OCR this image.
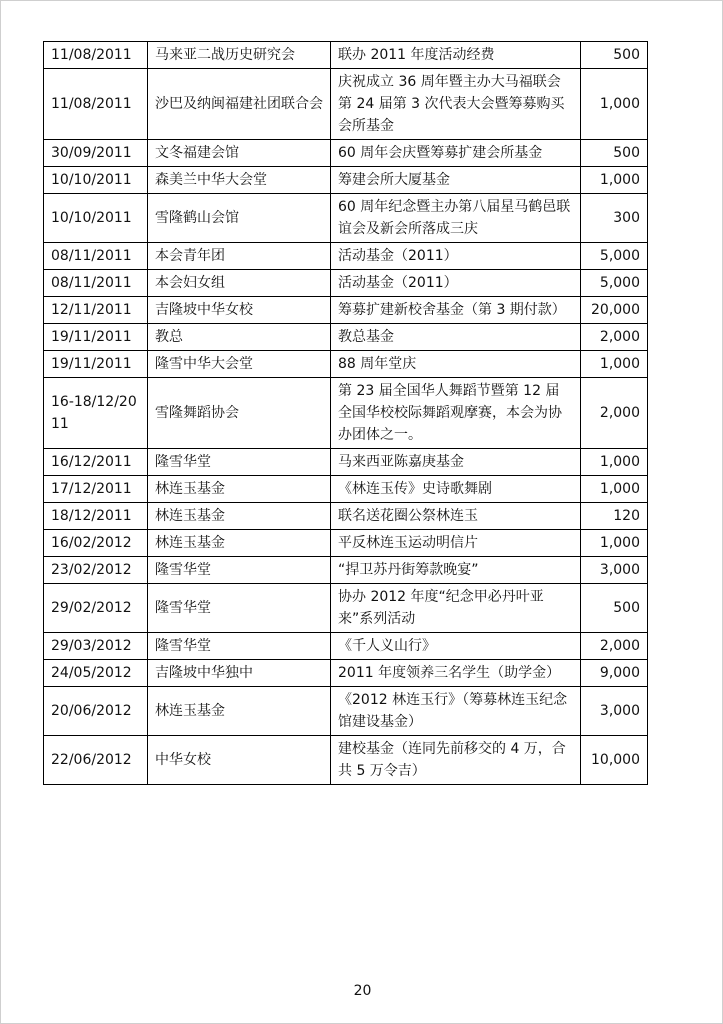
11/08/2011	马来亚二战历史研究会	联办 2011 年度活动经费	500
11/08/2011	沙巴及纳闽福建社团联合会	庆祝成立 36 周年暨主办大马福联会第 24 届第 3 次代表大会暨筹募购买会所基金	1,000
30/09/2011	文冬福建会馆	60 周年会庆暨筹募扩建会所基金	500
10/10/2011	森美兰中华大会堂	筹建会所大厦基金	1,000
10/10/2011	雪隆鹤山会馆	60 周年纪念暨主办第八届星马鹤邑联谊会及新会所落成三庆	300
08/11/2011	本会青年团	活动基金（2011）	5,000
08/11/2011	本会妇女组	活动基金（2011）	5,000
12/11/2011	吉隆坡中华女校	筹募扩建新校舍基金（第 3 期付款）	20,000
19/11/2011	教总	教总基金	2,000
19/11/2011	隆雪中华大会堂	88 周年堂庆	1,000
16-18/12/2011	雪隆舞蹈协会	第 23 届全国华人舞蹈节暨第 12 届全国华校校际舞蹈观摩赛，本会为协办团体之一。	2,000
16/12/2011	隆雪华堂	马来西亚陈嘉庚基金	1,000
17/12/2011	林连玉基金	《林连玉传》史诗歌舞剧	1,000
18/12/2011	林连玉基金	联名送花圈公祭林连玉	120
16/02/2012	林连玉基金	平反林连玉运动明信片	1,000
23/02/2012	隆雪华堂	“捍卫苏丹街筹款晚宴”	3,000
29/02/2012	隆雪华堂	协办 2012 年度“纪念甲必丹叶亚来”系列活动	500
29/03/2012	隆雪华堂	《千人义山行》	2,000
24/05/2012	吉隆坡中华独中	2011 年度领养三名学生（助学金）	9,000
20/06/2012	林连玉基金	《2012 林连玉行》（筹募林连玉纪念馆建设基金）	3,000
22/06/2012	中华女校	建校基金（连同先前移交的 4 万，合共 5 万令吉）	10,000
20
